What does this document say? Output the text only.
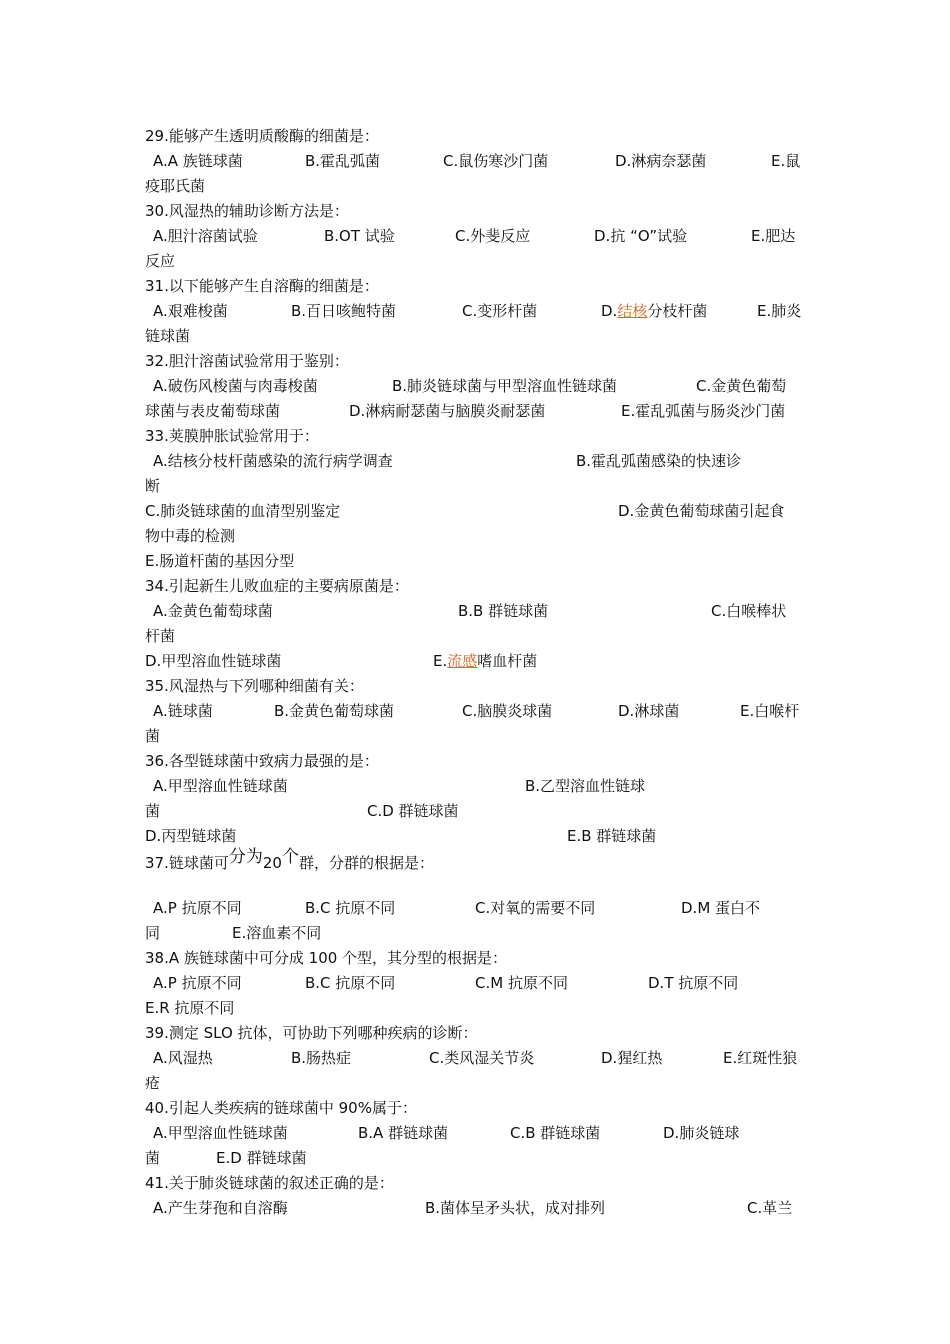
29.能够产生透明质酸酶的细菌是：
A.A 族链球菌	B.霍乱弧菌	C.鼠伤寒沙门菌	D.淋病奈瑟菌	E.鼠
疫耶氏菌
30.风湿热的辅助诊断方法是：
A.胆汁溶菌试验	B.OT 试验	C.外斐反应	D.抗 “O”试验	E.肥达
反应
31.以下能够产生自溶酶的细菌是：
A.艰难梭菌	B.百日咳鲍特菌	C.变形杆菌	D.结核分枝杆菌	E.肺炎
链球菌
32.胆汁溶菌试验常用于鉴别：
A.破伤风梭菌与肉毒梭菌	B.肺炎链球菌与甲型溶血性链球菌	C.金黄色葡萄
球菌与表皮葡萄球菌	D.淋病耐瑟菌与脑膜炎耐瑟菌	E.霍乱弧菌与肠炎沙门菌
33.荚膜肿胀试验常用于：
A.结核分枝杆菌感染的流行病学调查	B.霍乱弧菌感染的快速诊
断
C.肺炎链球菌的血清型别鉴定	D.金黄色葡萄球菌引起食
物中毒的检测
E.肠道杆菌的基因分型
34.引起新生儿败血症的主要病原菌是：
A.金黄色葡萄球菌	B.B 群链球菌	C.白喉棒状
杆菌
D.甲型溶血性链球菌	E.流感嗜血杆菌
35.风湿热与下列哪种细菌有关：
A.链球菌	B.金黄色葡萄球菌	C.脑膜炎球菌	D.淋球菌	E.白喉杆
菌
36.各型链球菌中致病力最强的是：
A.甲型溶血性链球菌	B.乙型溶血性链球
菌	C.D 群链球菌
D.丙型链球菌	E.B 群链球菌
37.链球菌可分为20个群，分群的根据是：
A.P 抗原不同	B.C 抗原不同	C.对氧的需要不同	D.M 蛋白不
同	E.溶血素不同
38.A 族链球菌中可分成 100 个型，其分型的根据是：
A.P 抗原不同	B.C 抗原不同	C.M 抗原不同	D.T 抗原不同
E.R 抗原不同
39.测定 SLO 抗体，可协助下列哪种疾病的诊断：
A.风湿热	B.肠热症	C.类风湿关节炎	D.猩红热	E.红斑性狼
疮
40.引起人类疾病的链球菌中 90%属于：
A.甲型溶血性链球菌	B.A 群链球菌	C.B 群链球菌	D.肺炎链球
菌	E.D 群链球菌
41.关于肺炎链球菌的叙述正确的是：
A.产生芽孢和自溶酶	B.菌体呈矛头状，成对排列	C.革兰
